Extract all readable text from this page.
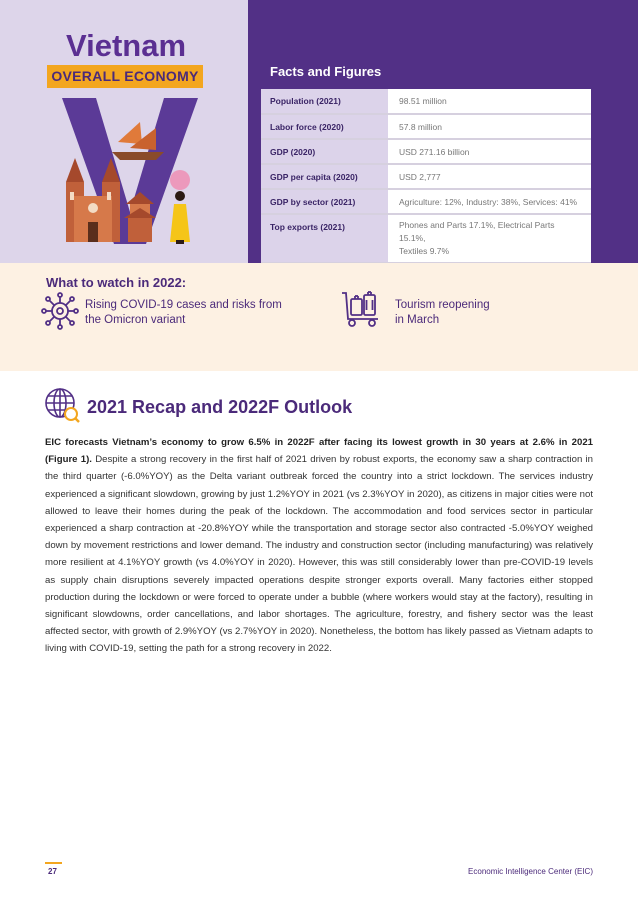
Vietnam
OVERALL ECONOMY	Facts and Figures
Population (2021)	98.51 million
Labor force (2020)	57.8 million
GDP (2020)	USD 271.16 billion
GDP per capita (2020)	USD 2,777
GDP by sector (2021)	Agriculture: 12%, Industry: 38%, Services: 41%
Top exports (2021)	Phones and Parts 17.1%, Electrical Parts 15.1%,
Textiles 9.7%
What to watch in 2022:
Rising COVID-19 cases and risks from
the Omicron variant
Tourism reopening
in March
2021 Recap and 2022F Outlook

EIC forecasts Vietnam’s economy to grow 6.5% in 2022F after facing its lowest growth in 30 years at 2.6% in 2021 (Figure 1). Despite a strong recovery in the first half of 2021 driven by robust exports, the economy saw a sharp contraction in the third quarter (-6.0%YOY) as the Delta variant outbreak forced the country into a strict lockdown. The services industry experienced a significant slowdown, growing by just 1.2%YOY in 2021 (vs 2.3%YOY in 2020), as citizens in major cities were not allowed to leave their homes during the peak of the lockdown. The accommodation and food services sector in particular experienced a sharp contraction at -20.8%YOY while the transportation and storage sector also contracted -5.0%YOY weighed down by movement restrictions and lower demand. The industry and construction sector (including manufacturing) was relatively more resilient at 4.1%YOY growth (vs 4.0%YOY in 2020). However, this was still considerably lower than pre-COVID-19 levels as supply chain disruptions severely impacted operations despite stronger exports overall. Many factories either stopped production during the lockdown or were forced to operate under a bubble (where workers would stay at the factory), resulting in significant slowdowns, order cancellations, and labor shortages. The agriculture, forestry, and fishery sector was the least affected sector, with growth of 2.9%YOY (vs 2.7%YOY in 2020). Nonetheless, the bottom has likely passed as Vietnam adapts to living with COVID-19, setting the path for a strong recovery in 2022.

27	Economic Intelligence Center (EIC)
